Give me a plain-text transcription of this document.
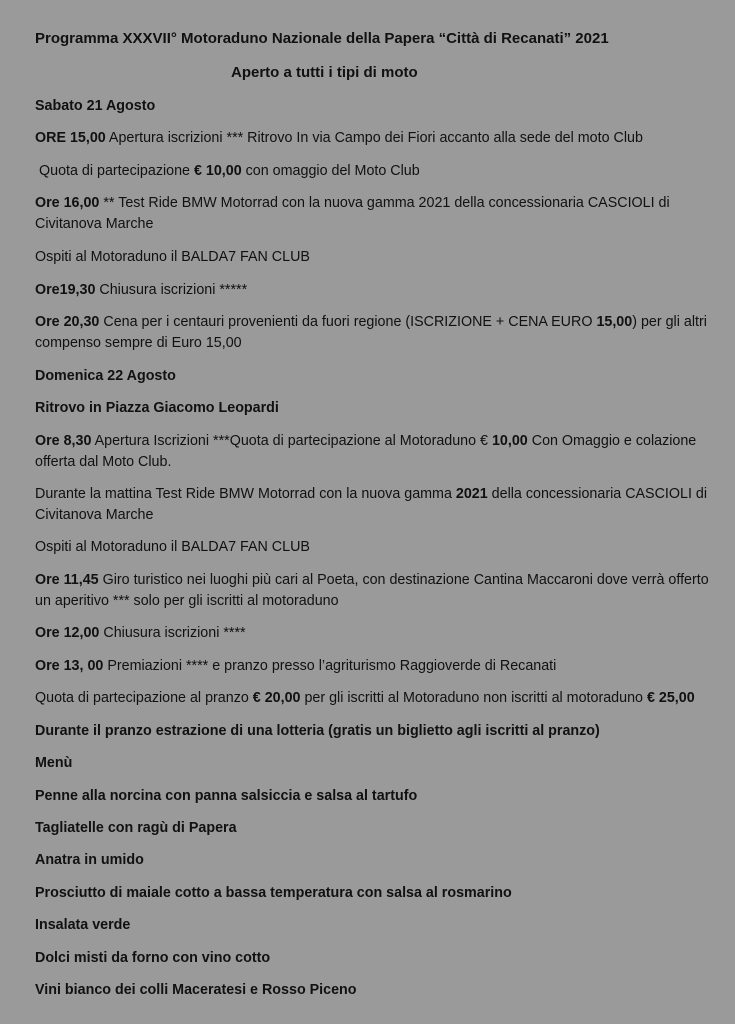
Programma XXXVII° Motoraduno Nazionale della Papera “Città di Recanati” 2021
Aperto a tutti i tipi di moto
Sabato 21 Agosto
ORE 15,00 Apertura iscrizioni *** Ritrovo In via Campo dei Fiori accanto alla sede del moto Club
Quota di partecipazione € 10,00 con omaggio del Moto Club
Ore 16,00 ** Test Ride BMW Motorrad con la nuova gamma 2021 della concessionaria CASCIOLI di
Civitanova Marche
Ospiti al Motoraduno il BALDA7 FAN CLUB
Ore19,30 Chiusura iscrizioni *****
Ore 20,30 Cena per i centauri provenienti da fuori regione (ISCRIZIONE + CENA EURO 15,00) per gli altri
compenso sempre di Euro 15,00
Domenica 22 Agosto
Ritrovo in Piazza Giacomo Leopardi
Ore 8,30 Apertura Iscrizioni ***Quota di partecipazione al Motoraduno € 10,00 Con Omaggio e colazione
offerta dal Moto Club.
Durante la mattina Test Ride BMW Motorrad con la nuova gamma 2021 della concessionaria CASCIOLI di
Civitanova Marche
Ospiti al Motoraduno il BALDA7 FAN CLUB
Ore 11,45 Giro turistico nei luoghi più cari al Poeta, con destinazione Cantina Maccaroni dove verrà offerto
un aperitivo *** solo per gli iscritti al motoraduno
Ore 12,00 Chiusura iscrizioni ****
Ore 13, 00 Premiazioni **** e pranzo presso l’agriturismo Raggioverde di Recanati
Quota di partecipazione al pranzo € 20,00 per gli iscritti al Motoraduno non iscritti al motoraduno € 25,00
Durante il pranzo estrazione di una lotteria (gratis un biglietto agli iscritti al pranzo)
Menù
Penne alla norcina con panna salsiccia e salsa al tartufo
Tagliatelle con ragù di Papera
Anatra in umido
Prosciutto di maiale cotto a bassa temperatura con salsa al rosmarino
Insalata verde
Dolci misti da forno con vino cotto
Vini bianco dei colli Maceratesi e Rosso Piceno
